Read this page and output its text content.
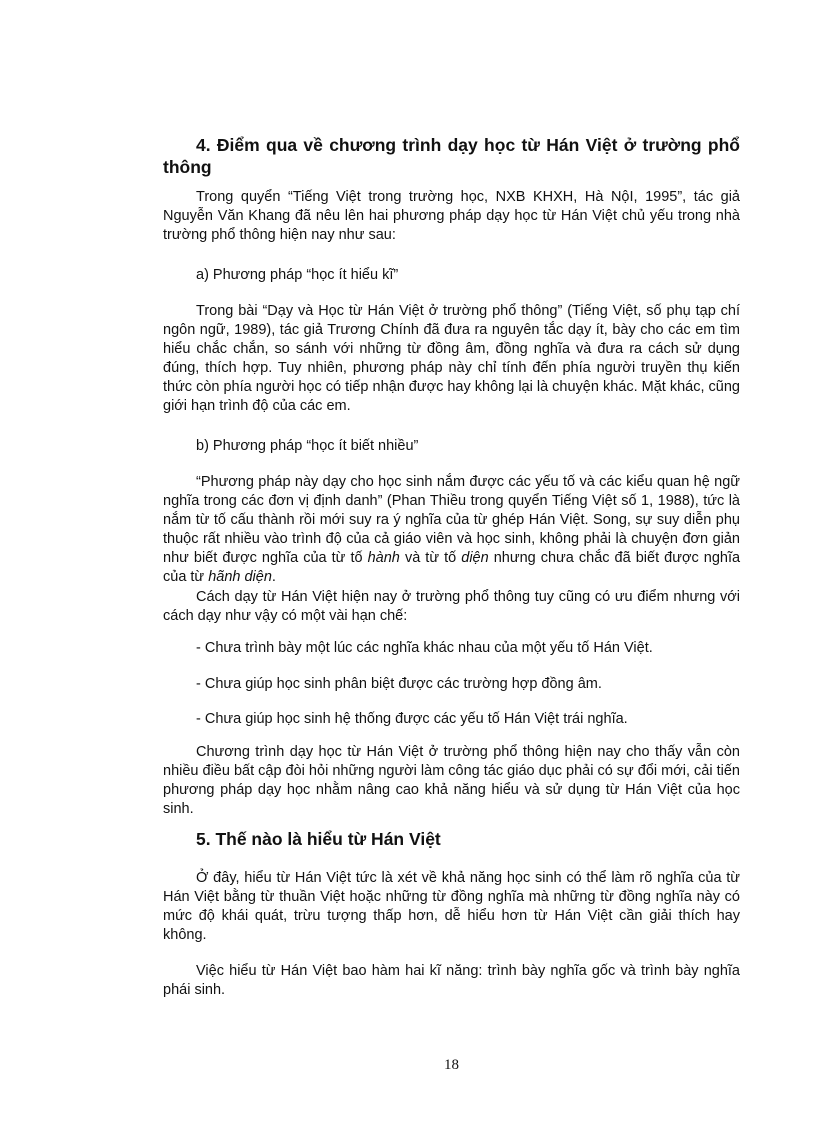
4. Điểm qua về chương trình dạy học từ Hán Việt ở trường phổ thông

Trong quyển “Tiếng Việt trong trường học, NXB KHXH, Hà NộI, 1995”, tác giả Nguyễn Văn Khang đã nêu lên hai phương pháp dạy học từ Hán Việt chủ yếu trong nhà trường phổ thông hiện nay như sau:

a) Phương pháp “học ít hiểu kĩ”

Trong bài “Dạy và Học từ Hán Việt ở trường phổ thông” (Tiếng Việt, số phụ tạp chí ngôn ngữ, 1989), tác giả Trương Chính đã đưa ra nguyên tắc dạy ít, bày cho các em tìm hiểu chắc chắn, so sánh với những từ đồng âm, đồng nghĩa và đưa ra cách sử dụng đúng, thích hợp. Tuy nhiên, phương pháp này chỉ tính đến phía người truyền thụ kiến thức còn phía người học có tiếp nhận được hay không lại là chuyện khác. Mặt khác, cũng giới hạn trình độ của các em.

b) Phương pháp “học ít biết nhiều”

“Phương pháp này dạy cho học sinh nắm được các yếu tố và các kiểu quan hệ ngữ nghĩa trong các đơn vị định danh” (Phan Thiều trong quyển Tiếng Việt số 1, 1988), tức là nắm từ tố cấu thành rồi mới suy ra ý nghĩa của từ ghép Hán Việt. Song, sự suy diễn phụ thuộc rất nhiều vào trình độ của cả giáo viên và học sinh, không phải là chuyện đơn giản như biết được nghĩa của từ tố hành và từ tố diện nhưng chưa chắc đã biết được nghĩa của từ hãnh diện.

Cách dạy từ Hán Việt hiện nay ở trường phổ thông tuy cũng có ưu điểm nhưng với cách dạy như vậy có một vài hạn chế:

- Chưa trình bày một lúc các nghĩa khác nhau của một yếu tố Hán Việt.

- Chưa giúp học sinh phân biệt được các trường hợp đồng âm.

- Chưa giúp học sinh hệ thống được các yếu tố Hán Việt trái nghĩa.

Chương trình dạy học từ Hán Việt ở trường phổ thông hiện nay cho thấy vẫn còn nhiều điều bất cập đòi hỏi những người làm công tác giáo dục phải có sự đổi mới, cải tiến phương pháp dạy học nhằm nâng cao khả năng hiểu và sử dụng từ Hán Việt của học sinh.

5. Thế nào là hiểu từ Hán Việt

Ở đây, hiểu từ Hán Việt tức là xét về khả năng học sinh có thể làm rõ nghĩa của từ Hán Việt bằng từ thuần Việt hoặc những từ đồng nghĩa mà những từ đồng nghĩa này có mức độ khái quát, trừu tượng thấp hơn, dễ hiểu hơn từ Hán Việt cần giải thích hay không.

Việc hiểu từ Hán Việt bao hàm hai kĩ năng: trình bày nghĩa gốc và trình bày nghĩa phái sinh.

18
